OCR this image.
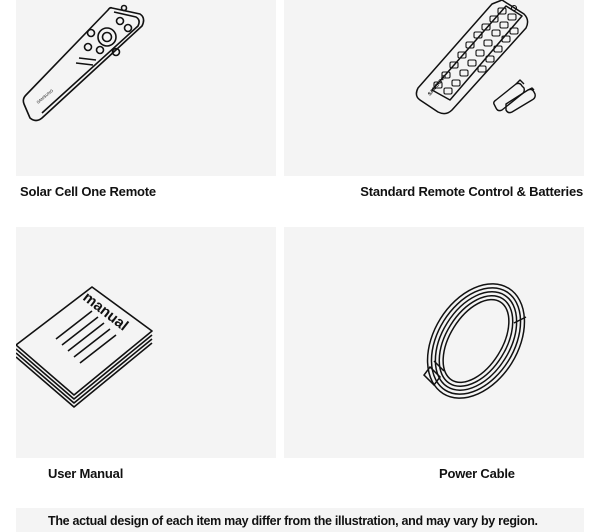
SAMSUNG	SAMSUNG
Solar Cell One Remote	Standard Remote Control & Batteries
manual
User Manual	Power Cable
The actual design of each item may differ from the illustration, and may vary by region.
